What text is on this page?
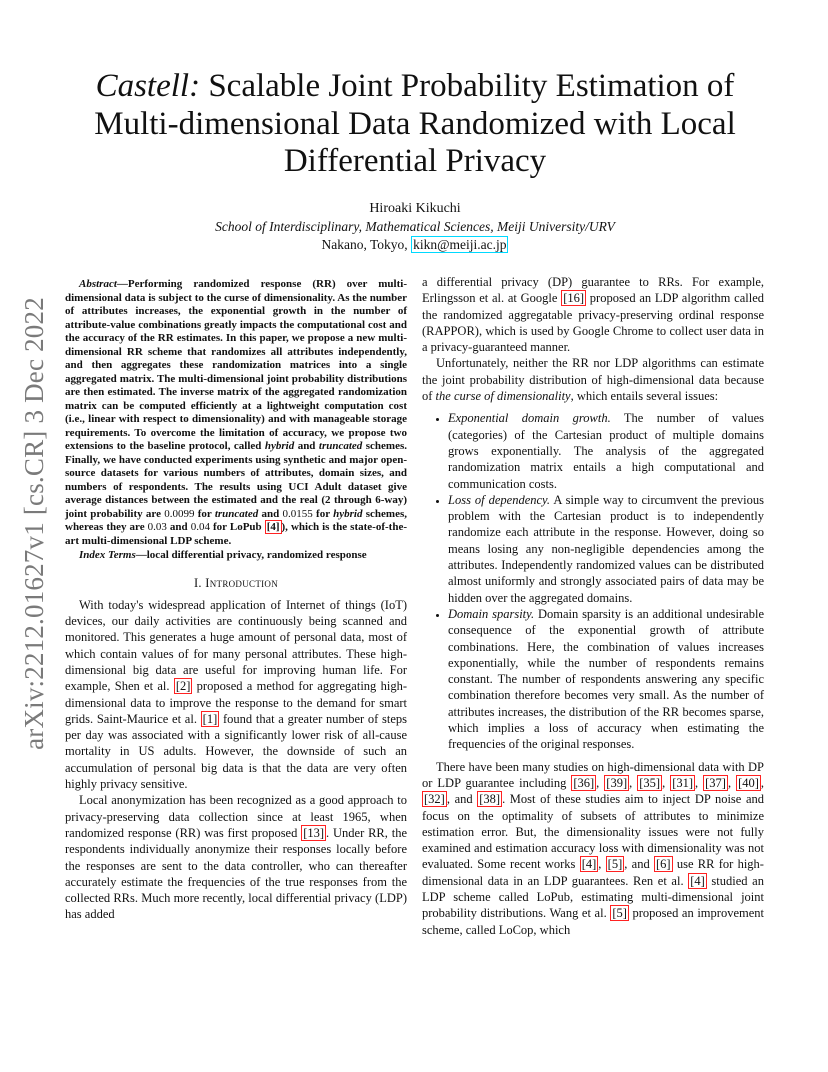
arXiv:2212.01627v1 [cs.CR] 3 Dec 2022
Castell: Scalable Joint Probability Estimation of Multi-dimensional Data Randomized with Local Differential Privacy
Hiroaki Kikuchi
School of Interdisciplinary, Mathematical Sciences, Meiji University/URV
Nakano, Tokyo, kikn@meiji.ac.jp

Abstract—Performing randomized response (RR) over multi-dimensional data is subject to the curse of dimensionality. As the number of attributes increases, the exponential growth in the number of attribute-value combinations greatly impacts the computational cost and the accuracy of the RR estimates. In this paper, we propose a new multi-dimensional RR scheme that randomizes all attributes independently, and then aggregates these randomization matrices into a single aggregated matrix. The multi-dimensional joint probability distributions are then estimated. The inverse matrix of the aggregated randomization matrix can be computed efficiently at a lightweight computation cost (i.e., linear with respect to dimensionality) and with manageable storage requirements. To overcome the limitation of accuracy, we propose two extensions to the baseline protocol, called hybrid and truncated schemes. Finally, we have conducted experiments using synthetic and major open-source datasets for various numbers of attributes, domain sizes, and numbers of respondents. The results using UCI Adult dataset give average distances between the estimated and the real (2 through 6-way) joint probability are 0.0099 for truncated and 0.0155 for hybrid schemes, whereas they are 0.03 and 0.04 for LoPub [4] ), which is the state-of-the-art multi-dimensional LDP scheme.

Index Terms—local differential privacy, randomized response

I. Introduction

With today's widespread application of Internet of things (IoT) devices, our daily activities are continuously being scanned and monitored. This generates a huge amount of personal data, most of which contain values of for many personal attributes. These high-dimensional big data are useful for improving human life. For example, Shen et al. [2] proposed a method for aggregating high-dimensional data to improve the response to the demand for smart grids. Saint-Maurice et al. [1] found that a greater number of steps per day was associated with a significantly lower risk of all-cause mortality in US adults. However, the downside of such an accumulation of personal big data is that the data are very often highly privacy sensitive.

Local anonymization has been recognized as a good approach to privacy-preserving data collection since at least 1965, when randomized response (RR) was first proposed [13] . Under RR, the respondents individually anonymize their responses locally before the responses are sent to the data controller, who can thereafter accurately estimate the frequencies of the true responses from the collected RRs. Much more recently, local differential privacy (LDP) has added

a differential privacy (DP) guarantee to RRs. For example, Erlingsson et al. at Google [16] proposed an LDP algorithm called the randomized aggregatable privacy-preserving ordinal response (RAPPOR), which is used by Google Chrome to collect user data in a privacy-guaranteed manner.

Unfortunately, neither the RR nor LDP algorithms can estimate the joint probability distribution of high-dimensional data because of the curse of dimensionality, which entails several issues:

• Exponential domain growth. The number of values (categories) of the Cartesian product of multiple domains grows exponentially. The analysis of the aggregated randomization matrix entails a high computational and communication costs.
• Loss of dependency. A simple way to circumvent the previous problem with the Cartesian product is to independently randomize each attribute in the response. However, doing so means losing any non-negligible dependencies among the attributes. Independently randomized values can be distributed almost uniformly and strongly associated pairs of data may be hidden over the aggregated domains.
• Domain sparsity. Domain sparsity is an additional undesirable consequence of the exponential growth of attribute combinations. Here, the combination of values increases exponentially, while the number of respondents remains constant. The number of respondents answering any specific combination therefore becomes very small. As the number of attributes increases, the distribution of the RR becomes sparse, which implies a loss of accuracy when estimating the frequencies of the original responses.

There have been many studies on high-dimensional data with DP or LDP guarantee including [36] , [39] , [35] , [31] , [37] , [40] , [32] , and [38] . Most of these studies aim to inject DP noise and focus on the optimality of subsets of attributes to minimize estimation error. But, the dimensionality issues were not fully examined and estimation accuracy loss with dimensionality was not evaluated. Some recent works [4] , [5] , and [6] use RR for high-dimensional data in an LDP guarantees. Ren et al. [4] studied an LDP scheme called LoPub, estimating multi-dimensional joint probability distributions. Wang et al. [5] proposed an improvement scheme, called LoCop, which
